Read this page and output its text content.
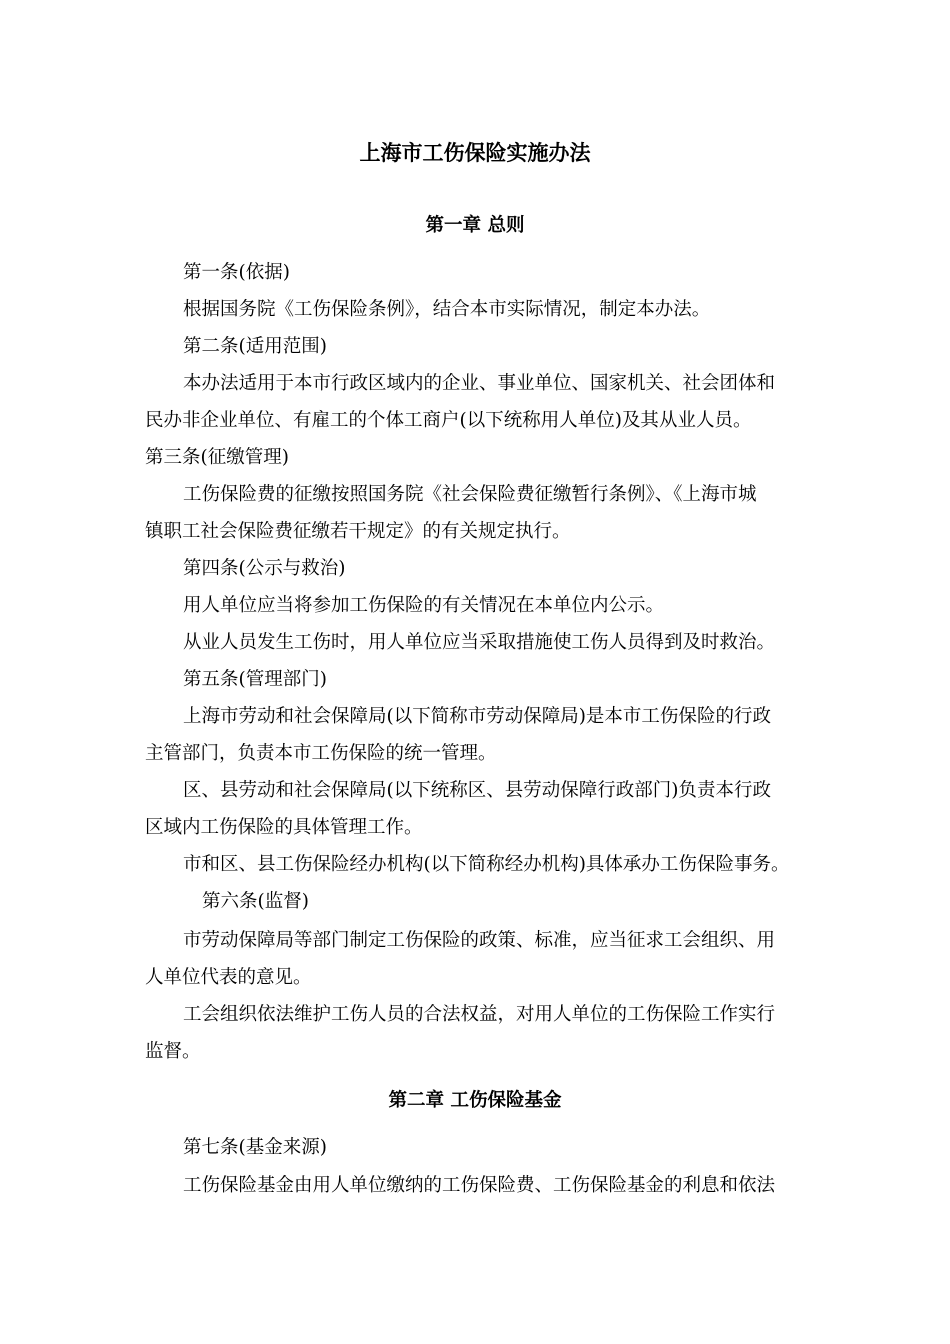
上海市工伤保险实施办法
第一章 总则
第一条(依据)
根据国务院《工伤保险条例》，结合本市实际情况，制定本办法。
第二条(适用范围)
本办法适用于本市行政区域内的企业、事业单位、国家机关、社会团体和
民办非企业单位、有雇工的个体工商户(以下统称用人单位)及其从业人员。
第三条(征缴管理)
工伤保险费的征缴按照国务院《社会保险费征缴暂行条例》、《上海市城
镇职工社会保险费征缴若干规定》的有关规定执行。
第四条(公示与救治)
用人单位应当将参加工伤保险的有关情况在本单位内公示。
从业人员发生工伤时，用人单位应当采取措施使工伤人员得到及时救治。
第五条(管理部门)
上海市劳动和社会保障局(以下简称市劳动保障局)是本市工伤保险的行政
主管部门，负责本市工伤保险的统一管理。
区、县劳动和社会保障局(以下统称区、县劳动保障行政部门)负责本行政
区域内工伤保险的具体管理工作。
市和区、县工伤保险经办机构(以下简称经办机构)具体承办工伤保险事务。
第六条(监督)
市劳动保障局等部门制定工伤保险的政策、标准，应当征求工会组织、用
人单位代表的意见。
工会组织依法维护工伤人员的合法权益，对用人单位的工伤保险工作实行
监督。
第二章 工伤保险基金
第七条(基金来源)
工伤保险基金由用人单位缴纳的工伤保险费、工伤保险基金的利息和依法
